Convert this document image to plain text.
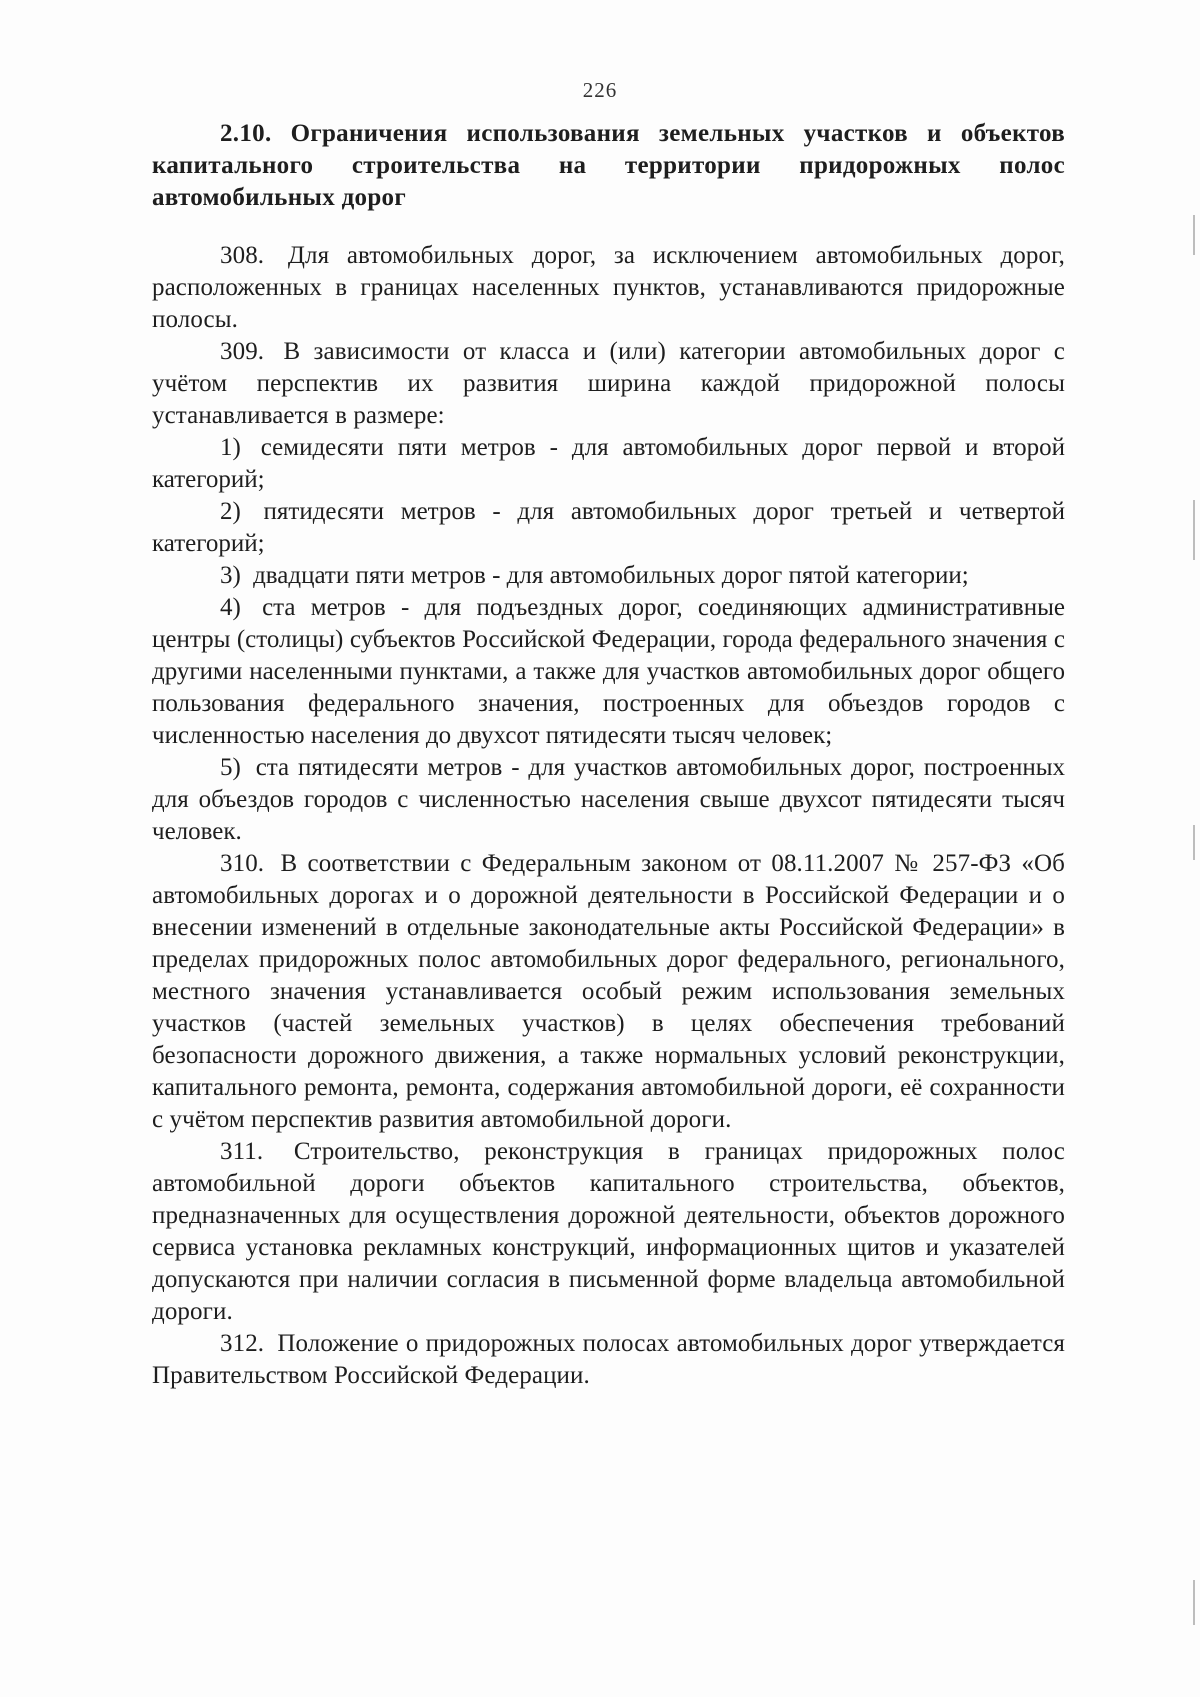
226

2.10. Ограничения использования земельных участков и объектов капитального строительства на территории придорожных полос автомобильных дорог

308. Для автомобильных дорог, за исключением автомобильных дорог, расположенных в границах населенных пунктов, устанавливаются придорожные полосы.

309. В зависимости от класса и (или) категории автомобильных дорог с учётом перспектив их развития ширина каждой придорожной полосы устанавливается в размере:

1) семидесяти пяти метров - для автомобильных дорог первой и второй категорий;

2) пятидесяти метров - для автомобильных дорог третьей и четвертой категорий;

3) двадцати пяти метров - для автомобильных дорог пятой категории;

4) ста метров - для подъездных дорог, соединяющих административные центры (столицы) субъектов Российской Федерации, города федерального значения с другими населенными пунктами, а также для участков автомобильных дорог общего пользования федерального значения, построенных для объездов городов с численностью населения до двухсот пятидесяти тысяч человек;

5) ста пятидесяти метров - для участков автомобильных дорог, построенных для объездов городов с численностью населения свыше двухсот пятидесяти тысяч человек.

310. В соответствии с Федеральным законом от 08.11.2007 № 257-ФЗ «Об автомобильных дорогах и о дорожной деятельности в Российской Федерации и о внесении изменений в отдельные законодательные акты Российской Федерации» в пределах придорожных полос автомобильных дорог федерального, регионального, местного значения устанавливается особый режим использования земельных участков (частей земельных участков) в целях обеспечения требований безопасности дорожного движения, а также нормальных условий реконструкции, капитального ремонта, ремонта, содержания автомобильной дороги, её сохранности с учётом перспектив развития автомобильной дороги.

311. Строительство, реконструкция в границах придорожных полос автомобильной дороги объектов капитального строительства, объектов, предназначенных для осуществления дорожной деятельности, объектов дорожного сервиса установка рекламных конструкций, информационных щитов и указателей допускаются при наличии согласия в письменной форме владельца автомобильной дороги.

312. Положение о придорожных полосах автомобильных дорог утверждается Правительством Российской Федерации.
